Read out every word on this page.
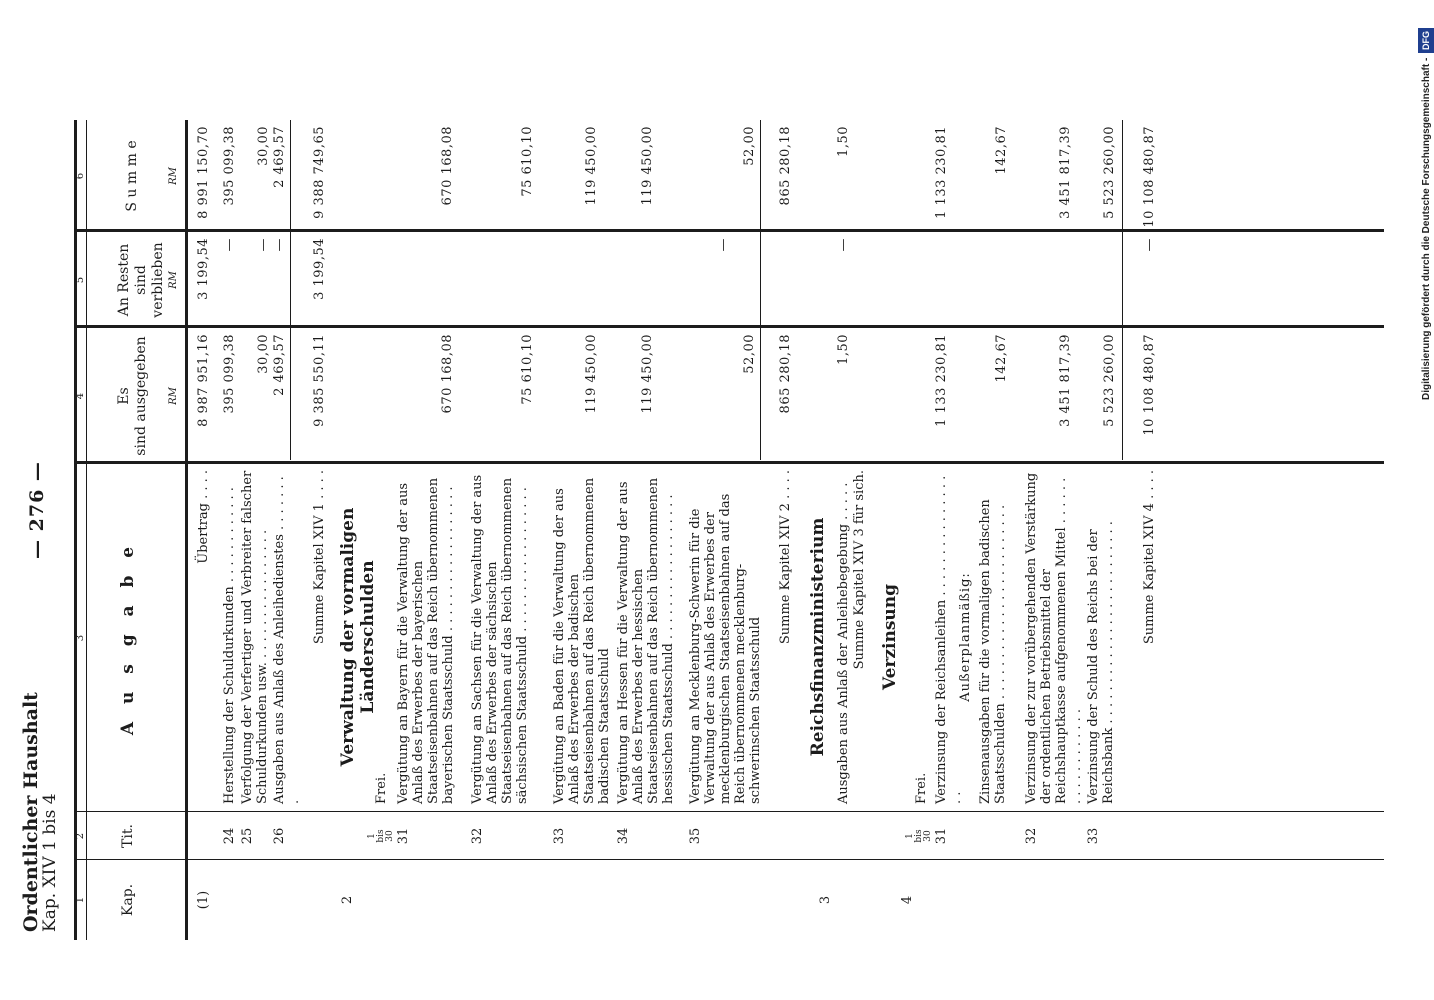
Ordentlicher Haushalt
Kap. XIV 1 bis 4
— 276 —
1
2
3
4
5
6
Kap.
Tit.
A u s g a b e
Es sind ausgegeben
An Resten sind verblieben
S u m m e
RM
RM
RM
(1)
Übertrag . . . .
8 987 951,16
3 199,54
8 991 150,70
24
Herstellung der Schuldurkunden . . . . . . . . . . . .
395 099,38
—
395 099,38
25
Verfolgung der Verfertiger und Verbreiter falscher Schuldurkunden usw. . . . . . . . . . . . . . . . .
30,00
—
30,00
26
Ausgaben aus Anlaß des Anleihedienstes . . . . . . . .
2 469,57
—
2 469,57
Summe Kapitel XIV 1 . . . .
9 385 550,11
3 199,54
9 388 749,65
2
Verwaltung der vormaligen Länderschulden
1 bis 30
Frei.
31
Vergütung an Bayern für die Verwaltung der aus Anlaß des Erwerbes der bayerischen Staatseisenbahnen auf das Reich übernommenen bayerischen Staatsschuld . . . . . . . . . . . . . . . . . .
670 168,08
670 168,08
32
Vergütung an Sachsen für die Verwaltung der aus Anlaß des Erwerbes der sächsischen Staatseisenbahnen auf das Reich übernommenen sächsischen Staatsschuld . . . . . . . . . . . . . . . . . .
75 610,10
75 610,10
33
Vergütung an Baden für die Verwaltung der aus Anlaß des Erwerbes der badischen Staatseisenbahnen auf das Reich übernommenen badischen Staatsschuld
119 450,00
119 450,00
34
Vergütung an Hessen für die Verwaltung der aus Anlaß des Erwerbes der hessischen Staatseisenbahnen auf das Reich übernommenen hessischen Staatsschuld . . . . . . . . . . . . . . . . . .
35
Vergütung an Mecklenburg-Schwerin für die Verwaltung der aus Anlaß des Erwerbes der mecklenburgischen Staatseisenbahnen auf das Reich übernommenen mecklenburg-schwerinschen Staatsschuld
52,00
—
52,00
Summe Kapitel XIV 2 . . . .
865 280,18
865 280,18
3
Reichsfinanzministerium Ausgaben aus Anlaß der Anleihebegebung . . . . . Summe Kapitel XIV 3 für sich.
1,50
—
1,50
4
Verzinsung
1 bis 30
Frei.
31
Verzinsung der Reichsanleihen . . . . . . . . . . . . . . . . .
1 133 230,81
1 133 230,81
Außerplanmäßig: Zinsenausgaben für die vormaligen badischen Staatsschulden . . . . . . . . . . . . . . . . . . . . . . . .
142,67
142,67
32
Verzinsung der zur vorübergehenden Verstärkung der ordentlichen Betriebsmittel der Reichshauptkasse aufgenommenen Mittel . . . . . . . . . . . . . . . . . .
3 451 817,39
3 451 817,39
33
Verzinsung der Schuld des Reichs bei der Reichsbank . . . . . . . . . . . . . . . . . . . . . . . . .
5 523 260,00
5 523 260,00
Summe Kapitel XIV 4 . . . .
10 108 480,87
—
10 108 480,87
119 450,00
119 450,00	Digitalisierung gefördert durch die Deutsche Forschungsgemeinschaft - DFG
